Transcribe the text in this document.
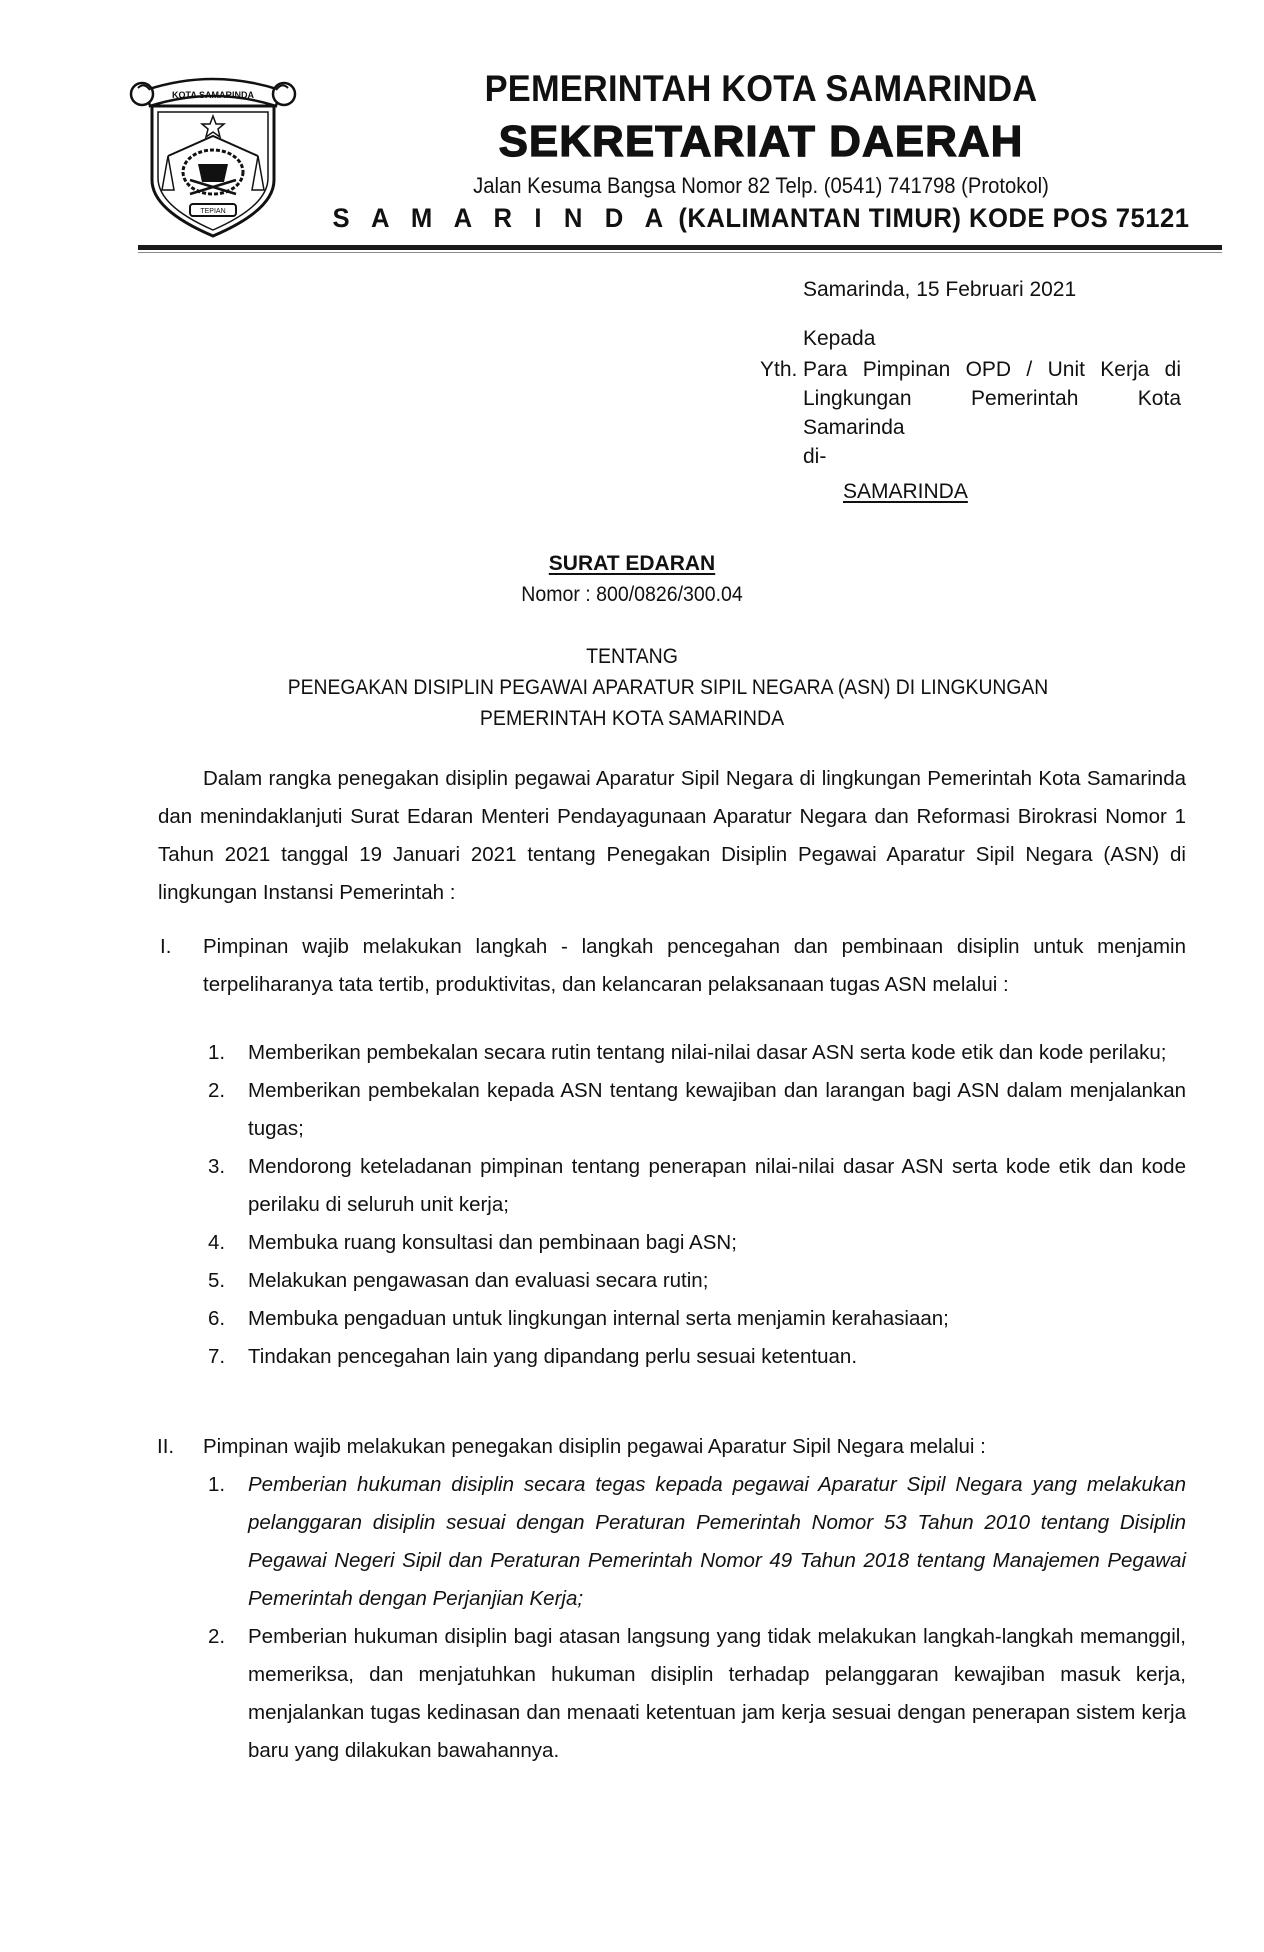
KOTA SAMARINDA
TEPIAN
PEMERINTAH KOTA SAMARINDA
SEKRETARIAT DAERAH
Jalan Kesuma Bangsa Nomor 82 Telp. (0541) 741798 (Protokol)
S A M A R I N D A (KALIMANTAN TIMUR) KODE POS 75121
Samarinda, 15 Februari 2021
Kepada
Yth. Para Pimpinan OPD / Unit Kerja di
Lingkungan Pemerintah Kota
Samarinda
di-
SAMARINDA
SURAT EDARAN
Nomor : 800/0826/300.04
TENTANG
PENEGAKAN DISIPLIN PEGAWAI APARATUR SIPIL NEGARA (ASN) DI LINGKUNGAN
PEMERINTAH KOTA SAMARINDA

Dalam rangka penegakan disiplin pegawai Aparatur Sipil Negara di lingkungan Pemerintah Kota Samarinda dan menindaklanjuti Surat Edaran Menteri Pendayagunaan Aparatur Negara dan Reformasi Birokrasi Nomor 1 Tahun 2021 tanggal 19 Januari 2021 tentang Penegakan Disiplin Pegawai Aparatur Sipil Negara (ASN) di lingkungan Instansi Pemerintah :

I. Pimpinan wajib melakukan langkah - langkah pencegahan dan pembinaan disiplin untuk menjamin terpeliharanya tata tertib, produktivitas, dan kelancaran pelaksanaan tugas ASN melalui :

1. Memberikan pembekalan secara rutin tentang nilai-nilai dasar ASN serta kode etik dan kode perilaku;
2. Memberikan pembekalan kepada ASN tentang kewajiban dan larangan bagi ASN dalam menjalankan tugas;
3. Mendorong keteladanan pimpinan tentang penerapan nilai-nilai dasar ASN serta kode etik dan kode perilaku di seluruh unit kerja;
4. Membuka ruang konsultasi dan pembinaan bagi ASN;
5. Melakukan pengawasan dan evaluasi secara rutin;
6. Membuka pengaduan untuk lingkungan internal serta menjamin kerahasiaan;
7. Tindakan pencegahan lain yang dipandang perlu sesuai ketentuan.
II. Pimpinan wajib melakukan penegakan disiplin pegawai Aparatur Sipil Negara melalui :

1. Pemberian hukuman disiplin secara tegas kepada pegawai Aparatur Sipil Negara yang melakukan pelanggaran disiplin sesuai dengan Peraturan Pemerintah Nomor 53 Tahun 2010 tentang Disiplin Pegawai Negeri Sipil dan Peraturan Pemerintah Nomor 49 Tahun 2018 tentang Manajemen Pegawai Pemerintah dengan Perjanjian Kerja;
2. Pemberian hukuman disiplin bagi atasan langsung yang tidak melakukan langkah-langkah memanggil, memeriksa, dan menjatuhkan hukuman disiplin terhadap pelanggaran kewajiban masuk kerja, menjalankan tugas kedinasan dan menaati ketentuan jam kerja sesuai dengan penerapan sistem kerja baru yang dilakukan bawahannya.
